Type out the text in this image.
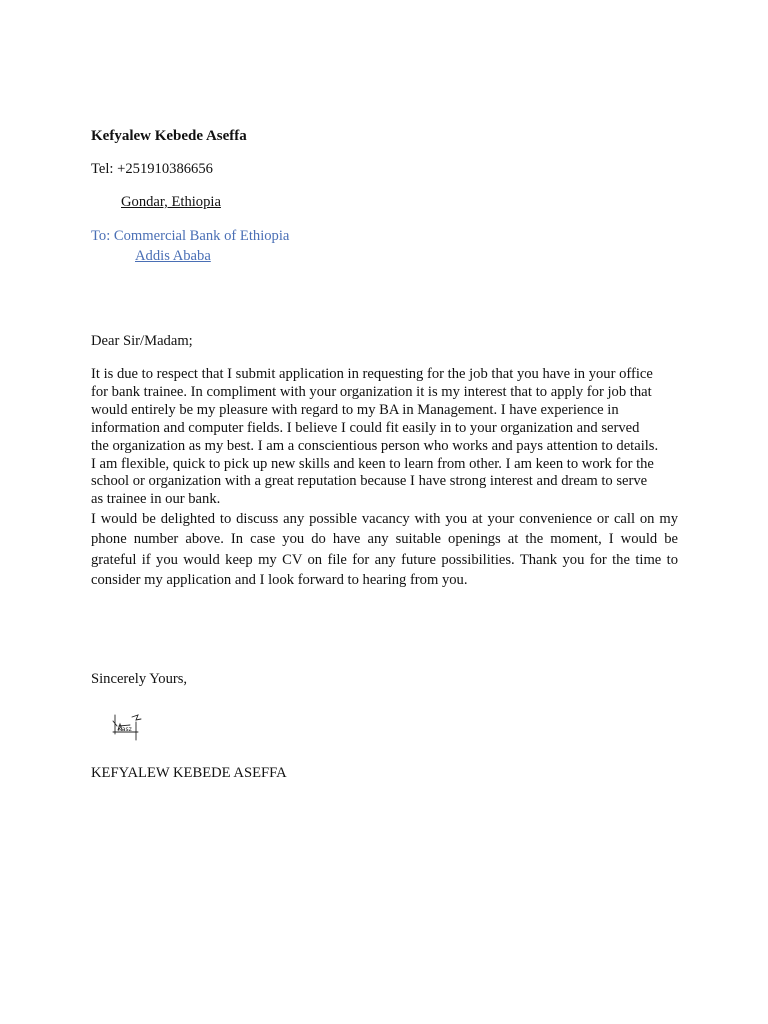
Kefyalew Kebede Aseffa
Tel: +251910386656
Gondar, Ethiopia
To: Commercial Bank of Ethiopia
Addis Ababa
Dear Sir/Madam;
It is due to respect that I submit application in requesting for the job that you have in your office
for bank trainee. In compliment with your organization it is my interest that to apply for job that
would entirely be my pleasure with regard to my BA in Management. I have experience in
information and computer fields. I believe I could fit easily in to your organization and served
the organization as my best. I am a conscientious person who works and pays attention to details.
I am flexible, quick to pick up new skills and keen to learn from other. I am keen to work for the
school or organization with a great reputation because I have strong interest and dream to serve
as trainee in our bank.
I would be delighted to discuss any possible vacancy with you at your convenience or call on my
phone number above. In case you do have any suitable openings at the moment, I would be
grateful if you would keep my CV on file for any future possibilities. Thank you for the time to
consider my application and I look forward to hearing from you.
Sincerely Yours,
Kasz
KEFYALEW KEBEDE ASEFFA
